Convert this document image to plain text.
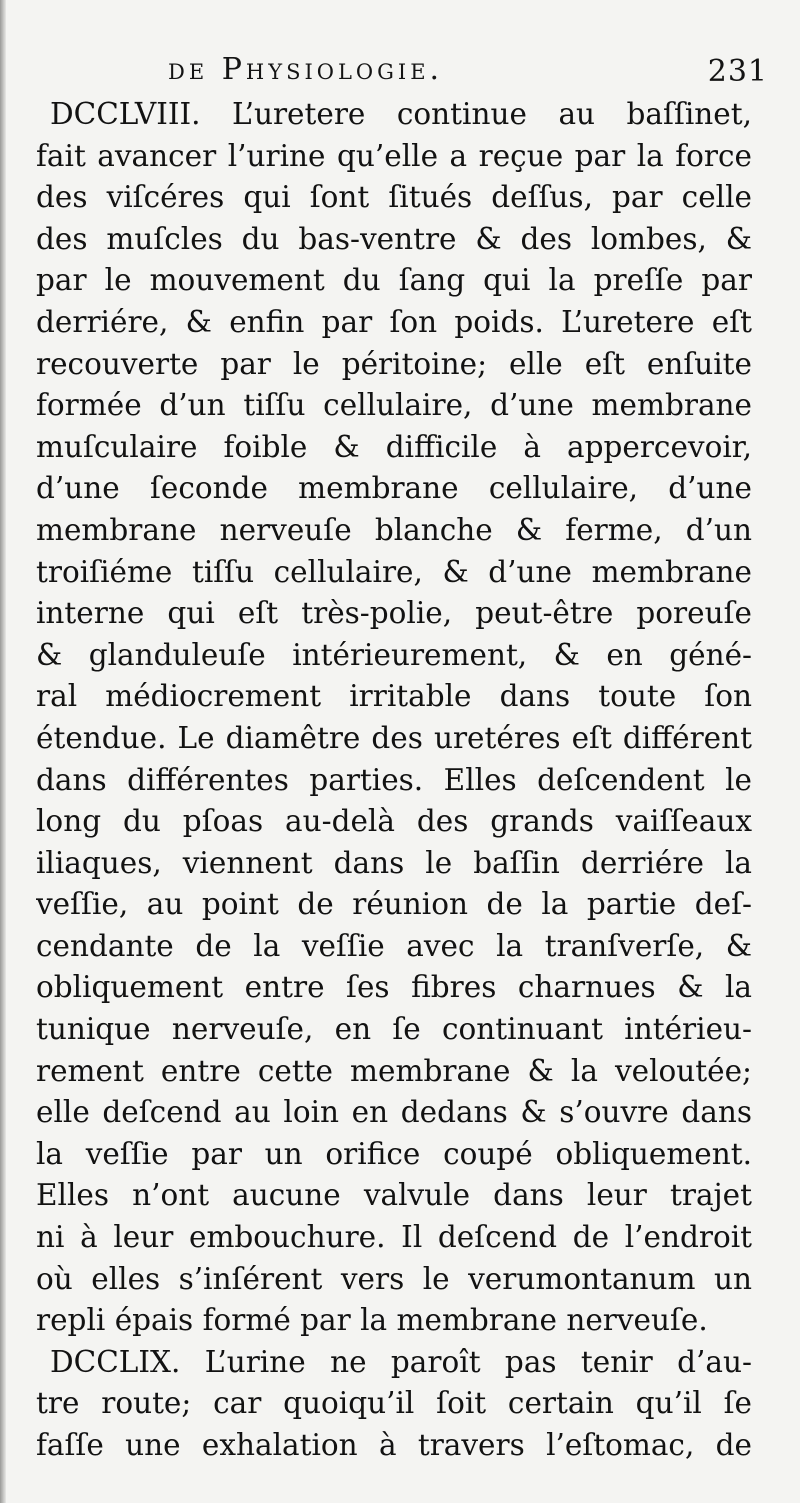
de Physiologie.	231
DCCLVIII. L’uretere continue au baſſinet,
fait avancer l’urine qu’elle a reçue par la force
des viſcéres qui ſont ſitués deſſus, par celle
des muſcles du bas-ventre & des lombes, &
par le mouvement du ſang qui la preſſe par
derriére, & enfin par ſon poids. L’uretere eſt
recouverte par le péritoine; elle eſt enſuite
formée d’un tiſſu cellulaire, d’une membrane
muſculaire foible & difficile à appercevoir,
d’une ſeconde membrane cellulaire, d’une
membrane nerveuſe blanche & ferme, d’un
troiſiéme tiſſu cellulaire, & d’une membrane
interne qui eſt très-polie, peut-être poreuſe
& glanduleuſe intérieurement, & en géné-
ral médiocrement irritable dans toute ſon
étendue. Le diamêtre des uretéres eſt différent
dans différentes parties. Elles deſcendent le
long du pſoas au-delà des grands vaiſſeaux
iliaques, viennent dans le baſſin derriére la
veſſie, au point de réunion de la partie deſ-
cendante de la veſſie avec la tranſverſe, &
obliquement entre ſes fibres charnues & la
tunique nerveuſe, en ſe continuant intérieu-
rement entre cette membrane & la veloutée;
elle deſcend au loin en dedans & s’ouvre dans
la veſſie par un orifice coupé obliquement.
Elles n’ont aucune valvule dans leur trajet
ni à leur embouchure. Il deſcend de l’endroit
où elles s’inſérent vers le verumontanum un
repli épais formé par la membrane nerveuſe.
DCCLIX. L’urine ne paroît pas tenir d’au-
tre route; car quoiqu’il ſoit certain qu’il ſe
faſſe une exhalation à travers l’eſtomac, de
